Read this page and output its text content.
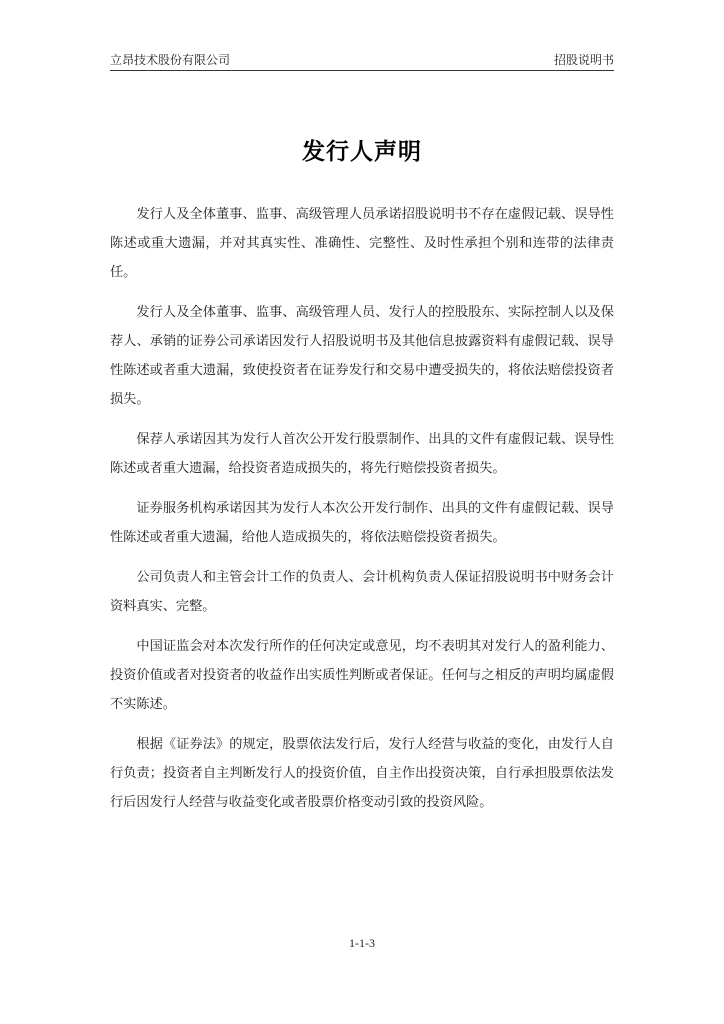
立昂技术股份有限公司	招股说明书
发行人声明

发行人及全体董事、监事、高级管理人员承诺招股说明书不存在虚假记载、误导性陈述或重大遗漏，并对其真实性、准确性、完整性、及时性承担个别和连带的法律责任。

发行人及全体董事、监事、高级管理人员、发行人的控股股东、实际控制人以及保荐人、承销的证券公司承诺因发行人招股说明书及其他信息披露资料有虚假记载、误导性陈述或者重大遗漏，致使投资者在证券发行和交易中遭受损失的，将依法赔偿投资者损失。

保荐人承诺因其为发行人首次公开发行股票制作、出具的文件有虚假记载、误导性陈述或者重大遗漏，给投资者造成损失的，将先行赔偿投资者损失。

证券服务机构承诺因其为发行人本次公开发行制作、出具的文件有虚假记载、误导性陈述或者重大遗漏，给他人造成损失的，将依法赔偿投资者损失。

公司负责人和主管会计工作的负责人、会计机构负责人保证招股说明书中财务会计资料真实、完整。

中国证监会对本次发行所作的任何决定或意见，均不表明其对发行人的盈利能力、投资价值或者对投资者的收益作出实质性判断或者保证。任何与之相反的声明均属虚假不实陈述。

根据《证券法》的规定，股票依法发行后，发行人经营与收益的变化，由发行人自行负责；投资者自主判断发行人的投资价值，自主作出投资决策，自行承担股票依法发行后因发行人经营与收益变化或者股票价格变动引致的投资风险。

1-1-3
